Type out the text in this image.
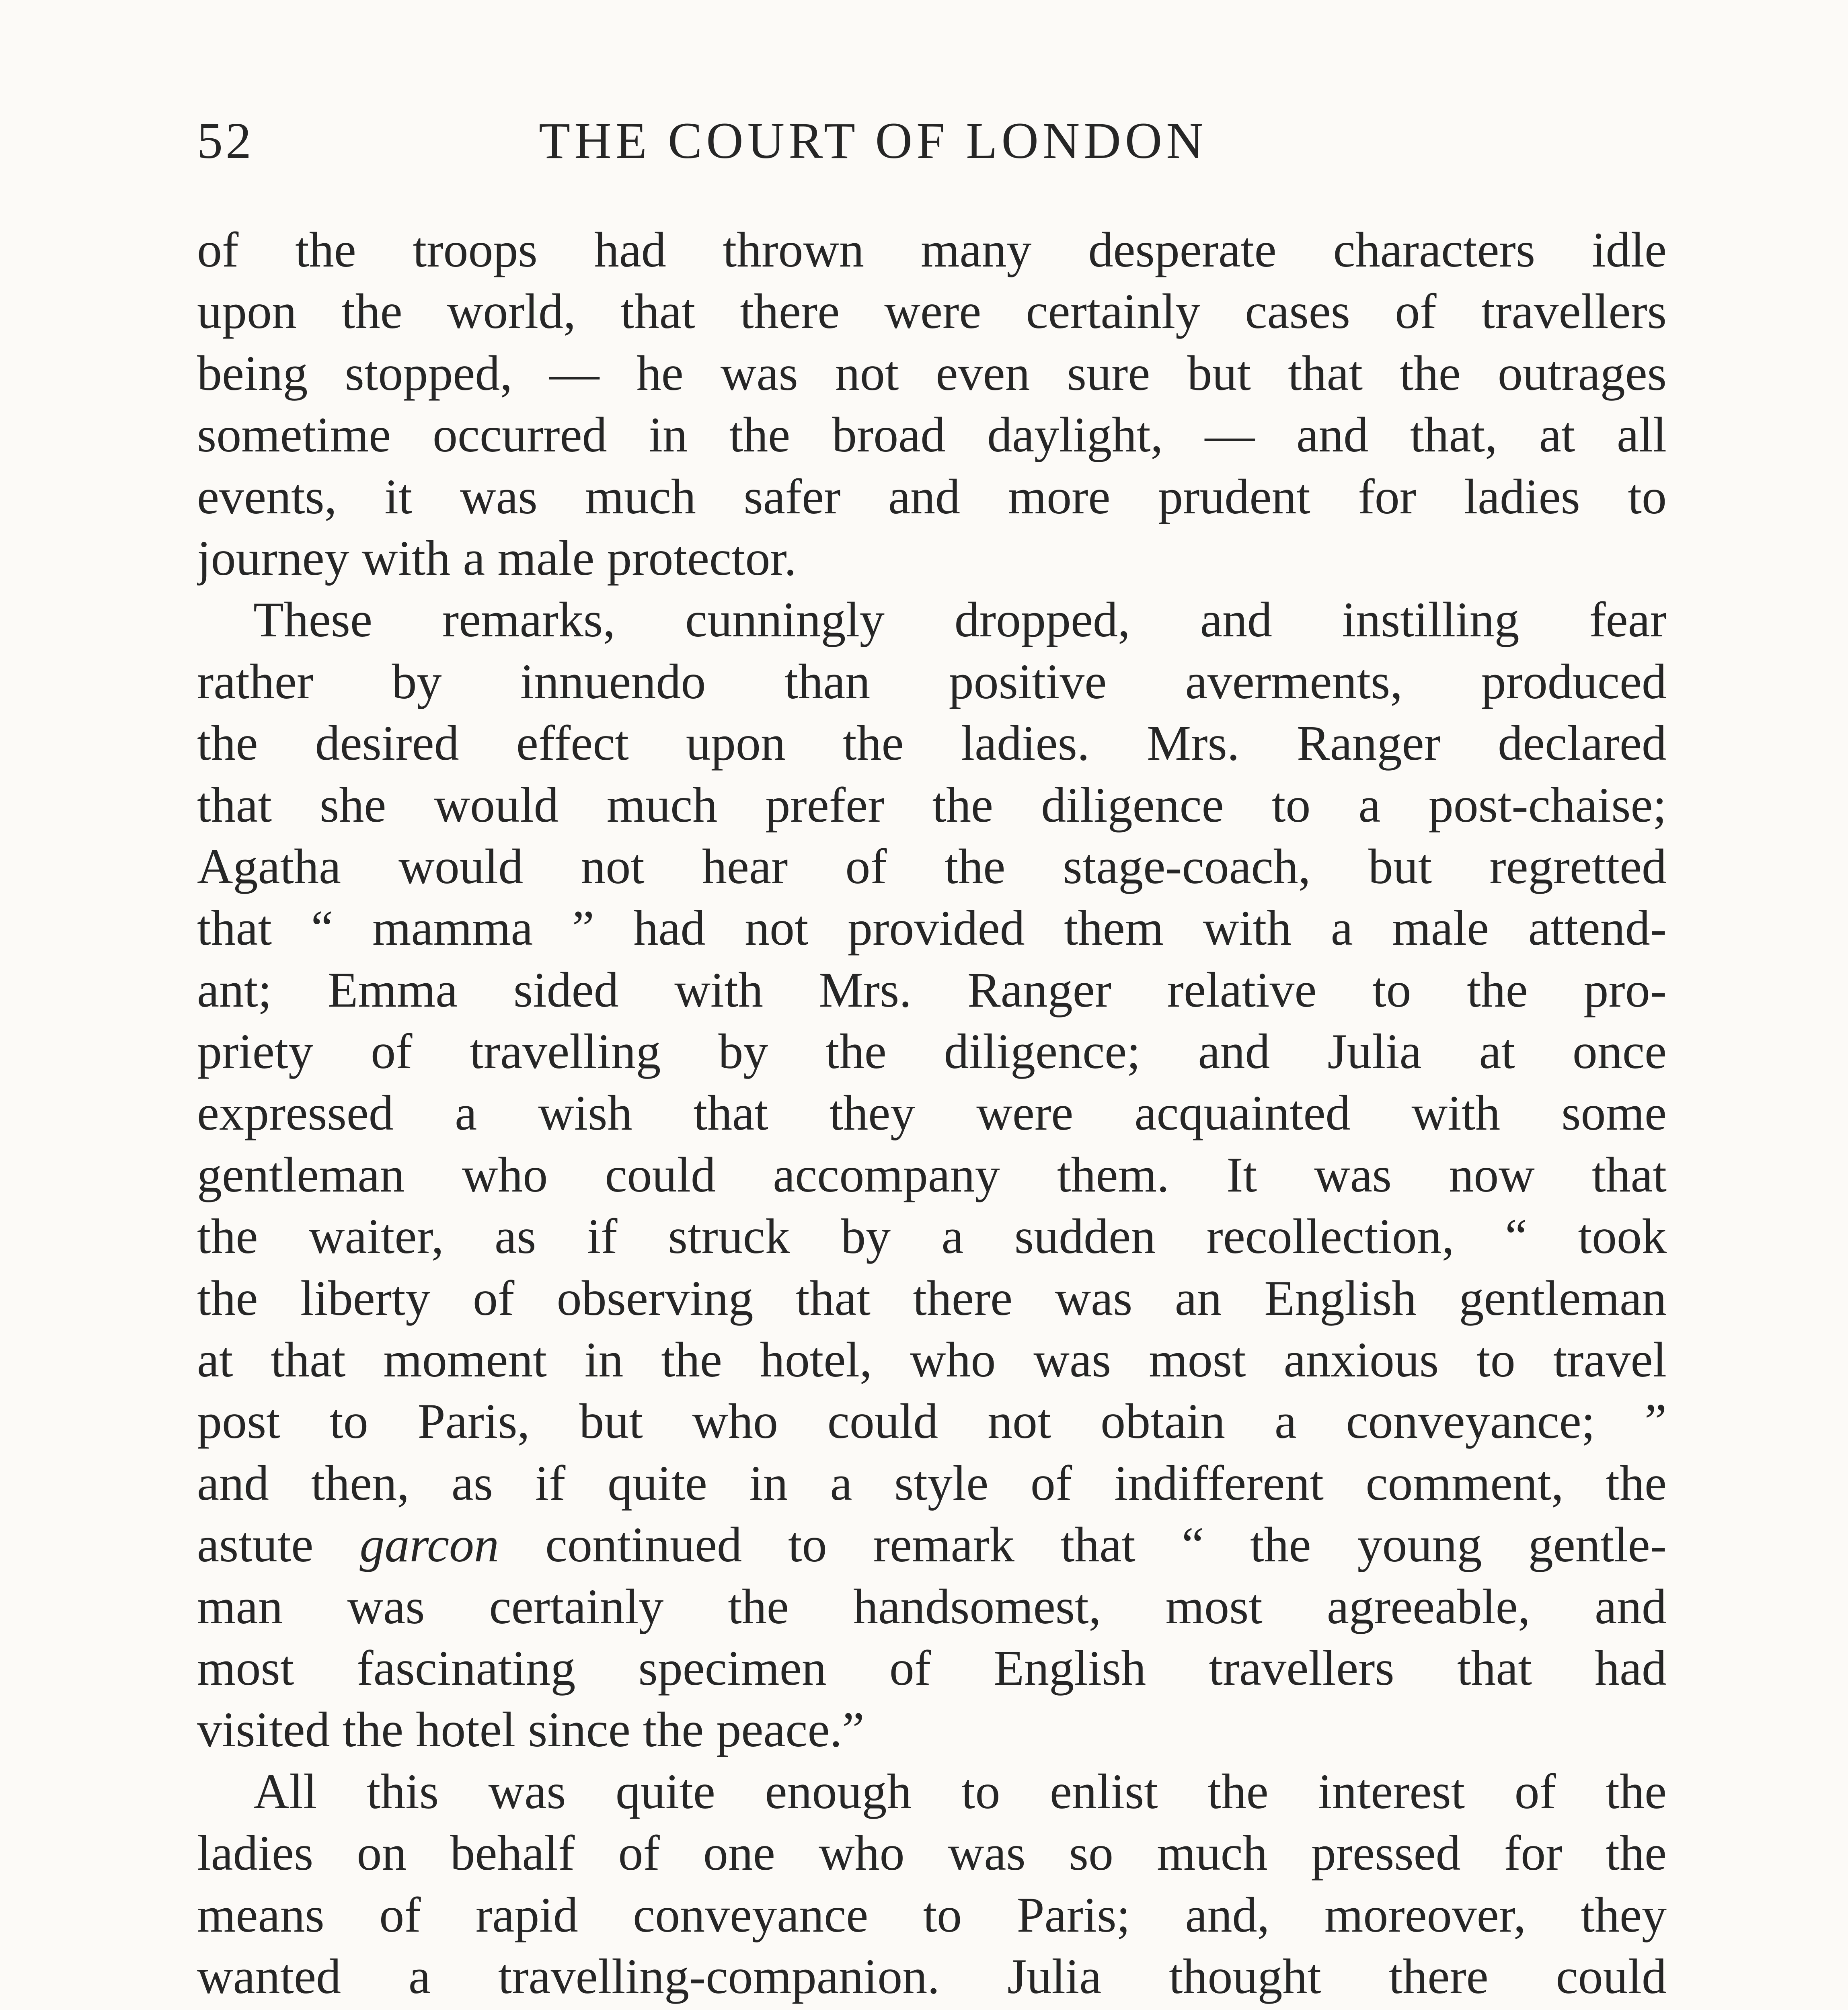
52	THE COURT OF LONDON
of the troops had thrown many desperate characters idle
upon the world, that there were certainly cases of travellers
being stopped, — he was not even sure but that the outrages
sometime occurred in the broad daylight, — and that, at all
events, it was much safer and more prudent for ladies to
journey with a male protector.
These remarks, cunningly dropped, and instilling fear
rather by innuendo than positive averments, produced
the desired effect upon the ladies. Mrs. Ranger declared
that she would much prefer the diligence to a post-chaise;
Agatha would not hear of the stage-coach, but regretted
that “ mamma ” had not provided them with a male attend-
ant; Emma sided with Mrs. Ranger relative to the pro-
priety of travelling by the diligence; and Julia at once
expressed a wish that they were acquainted with some
gentleman who could accompany them. It was now that
the waiter, as if struck by a sudden recollection, “ took
the liberty of observing that there was an English gentleman
at that moment in the hotel, who was most anxious to travel
post to Paris, but who could not obtain a conveyance; ”
and then, as if quite in a style of indifferent comment, the
astute garcon continued to remark that “ the young gentle-
man was certainly the handsomest, most agreeable, and
most fascinating specimen of English travellers that had
visited the hotel since the peace.”
All this was quite enough to enlist the interest of the
ladies on behalf of one who was so much pressed for the
means of rapid conveyance to Paris; and, moreover, they
wanted a travelling-companion. Julia thought there could
